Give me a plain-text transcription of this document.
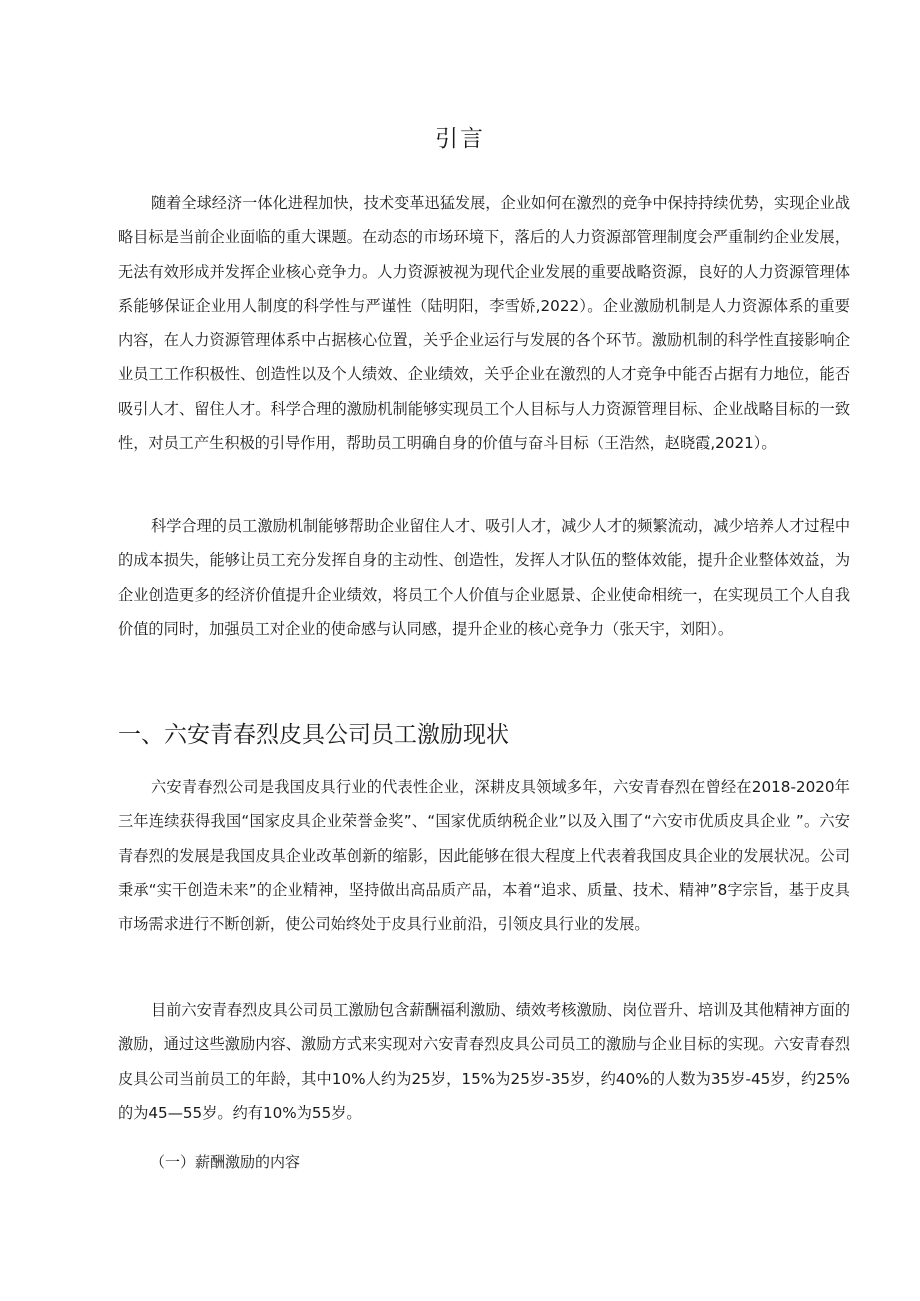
引言

随着全球经济一体化进程加快，技术变革迅猛发展，企业如何在激烈的竞争中保持持续优势，实现企业战略目标是当前企业面临的重大课题。在动态的市场环境下，落后的人力资源部管理制度会严重制约企业发展，无法有效形成并发挥企业核心竞争力。人力资源被视为现代企业发展的重要战略资源，良好的人力资源管理体系能够保证企业用人制度的科学性与严谨性（陆明阳，李雪娇,2022）。企业激励机制是人力资源体系的重要内容，在人力资源管理体系中占据核心位置，关乎企业运行与发展的各个环节。激励机制的科学性直接影响企业员工工作积极性、创造性以及个人绩效、企业绩效，关乎企业在激烈的人才竞争中能否占据有力地位，能否吸引人才、留住人才。科学合理的激励机制能够实现员工个人目标与人力资源管理目标、企业战略目标的一致性，对员工产生积极的引导作用，帮助员工明确自身的价值与奋斗目标（王浩然，赵晓霞,2021）。

科学合理的员工激励机制能够帮助企业留住人才、吸引人才，减少人才的频繁流动，减少培养人才过程中的成本损失，能够让员工充分发挥自身的主动性、创造性，发挥人才队伍的整体效能，提升企业整体效益，为企业创造更多的经济价值提升企业绩效，将员工个人价值与企业愿景、企业使命相统一，在实现员工个人自我价值的同时，加强员工对企业的使命感与认同感，提升企业的核心竞争力（张天宇，刘阳）。

一、六安青春烈皮具公司员工激励现状

六安青春烈公司是我国皮具行业的代表性企业，深耕皮具领域多年，六安青春烈在曾经在2018-2020年三年连续获得我国“国家皮具企业荣誉金奖”、“国家优质纳税企业”以及入围了“六安市优质皮具企业 ”。六安青春烈的发展是我国皮具企业改革创新的缩影，因此能够在很大程度上代表着我国皮具企业的发展状况。公司秉承“实干创造未来”的企业精神，坚持做出高品质产品，本着“追求、质量、技术、精神”8字宗旨，基于皮具市场需求进行不断创新，使公司始终处于皮具行业前沿，引领皮具行业的发展。

目前六安青春烈皮具公司员工激励包含薪酬福利激励、绩效考核激励、岗位晋升、培训及其他精神方面的激励，通过这些激励内容、激励方式来实现对六安青春烈皮具公司员工的激励与企业目标的实现。六安青春烈皮具公司当前员工的年龄，其中10%人约为25岁，15%为25岁-35岁，约40%的人数为35岁-45岁，约25%的为45—55岁。约有10%为55岁。

（一）薪酬激励的内容
